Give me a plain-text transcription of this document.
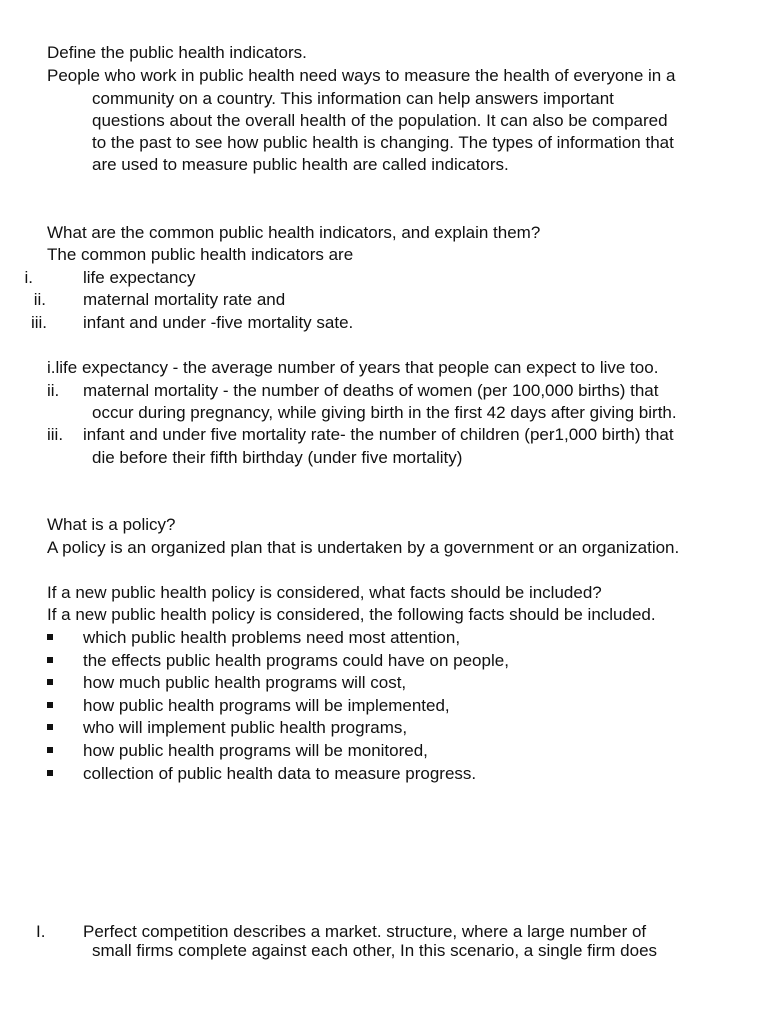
Define the public health indicators.
People who work in public health need ways to measure the health of everyone in a
community on a country. This information can help answers important
questions about the overall health of the population. It can also be compared
to the past to see how public health is changing. The types of information that
are used to measure public health are called indicators.
What are the common public health indicators, and explain them?
The common public health indicators are
i.	life expectancy
ii. maternal mortality rate and
iii. infant and under -five mortality sate.
i.life expectancy - the average number of years that people can expect to live too.
ii. maternal mortality - the number of deaths of women (per 100,000 births) that
occur during pregnancy, while giving birth in the first 42 days after giving birth.
iii. infant and under five mortality rate- the number of children (per1,000 birth) that
die before their fifth birthday (under five mortality)
What is a policy?
A policy is an organized plan that is undertaken by a government or an organization.
If a new public health policy is considered, what facts should be included?
If a new public health policy is considered, the following facts should be included.
which public health problems need most attention,
the effects public health programs could have on people,
how much public health programs will cost,
how public health programs will be implemented,
who will implement public health programs,
how public health programs will be monitored,
collection of public health data to measure progress.
I. Perfect competition describes a market. structure, where a large number of
small firms complete against each other, In this scenario, a single firm does
